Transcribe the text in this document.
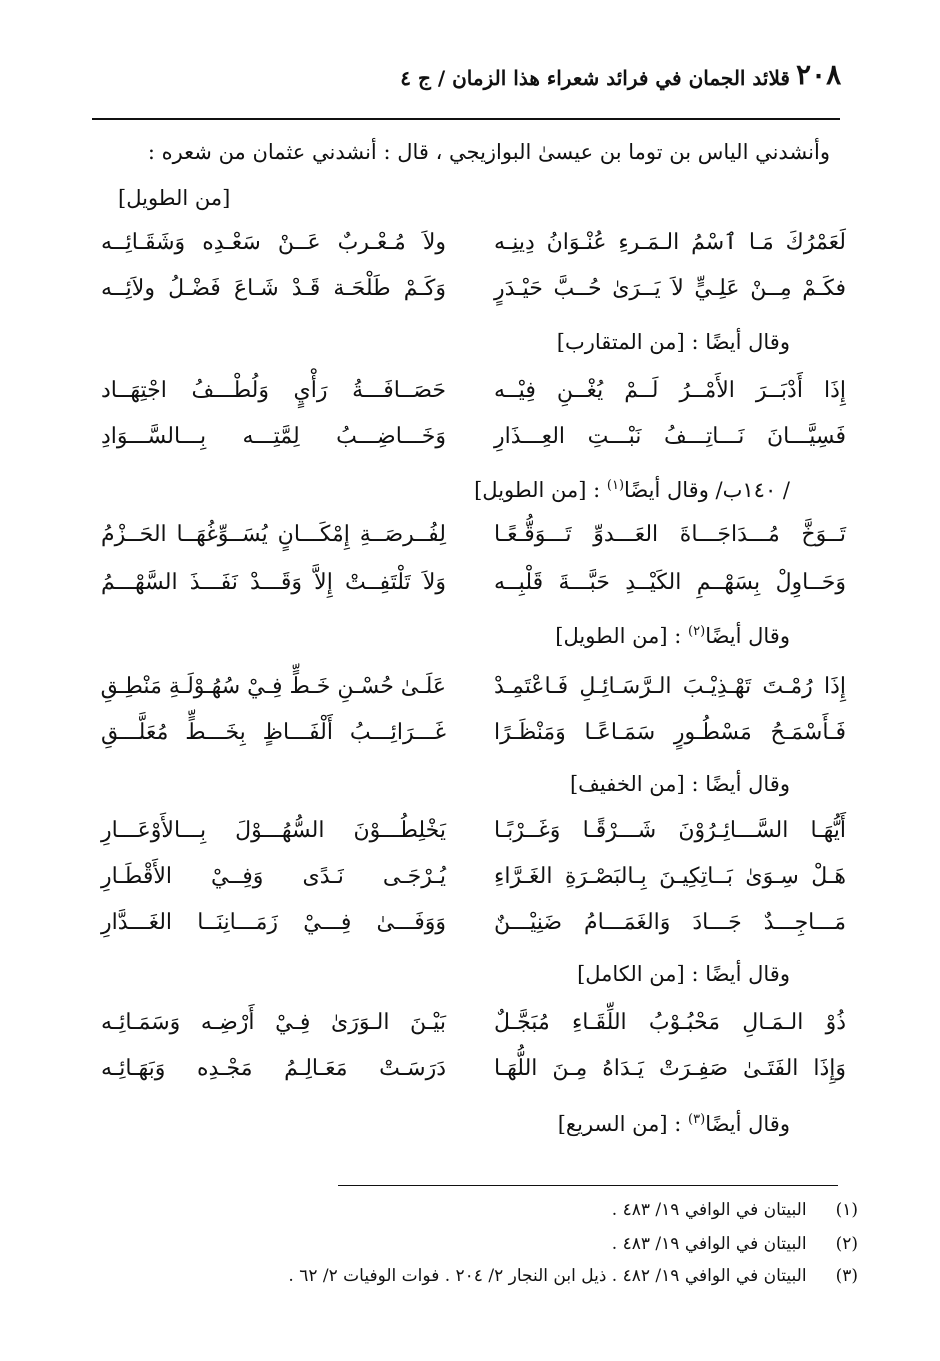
٢٠٨
قلائد الجمان في فرائد شعراء هذا الزمان / ج ٤
وأنشدني الياس بن توما بن عيسىٰ البوازيجي ، قال : أنشدني عثمان من شعره :
[من الطويل]
لَعَمْرُكَ مَـا ٱسْمُ الـمَـرءِ عُنْـوَانُ دِينِـه
ولاَ مُـعْـربٌ عَــنْ سَعْـدِه وَشَقَـائِــه
فكَـمْ مِــنْ عَلِـيٍّ لاَ يَــرَىٰ حُــبَّ حَيْـدَرٍ
وَكَـمْ طَلْحَـة قَـدْ شَـاعَ فَضْـلُ ولاَئِــه
وقال أيضًا : [من المتقارب]
إِذَا أَدْبَــرَ الأَمْــرُ لَــمْ يُغْــنِ فِيْــه
حَصَــافَـــةُ رَأْيٍ وَلُطْـــفُ اجْتِهَــاد
فَسِيَّـــانَ نَـــاتِـــفُ نَبْـــتِ العِـــذَارِ
وَخَـــاضِـــبُ لِمَّتِـــه بِـــالسَّـــوَادِ
/ ١٤٠ب/ وقال أيضًا$^{(١)}$ : [من الطويل]
تَــوَخَّ مُـــدَاجَـــاةَ العَـــدوِّ تَـــوَقُّـعًـا
لِفُــرصَــةِ إِمْكَـــانٍ يُسَــوِّغُهَــا الحَــزْمُ
وَحَــاوِلْ بِسَهْــمِ الكَيْــدِ حَبَّـــةَ قَلْبِــه
وَلاَ تَلْتَفِــتْ إِلاَّ وَقَـــدْ نَفَـــذَ السَّهْـــمُ
وقال أيضًا$^{(٢)}$ : [من الطويل]
إِذَا رُمْـتَ تَهْـذِيْـبَ الـرَّسَـائِـلِ فَـاعْتَمِـدْ
عَلَـىٰ حُسْـنِ خَـطٍّ فِـيْ سُهُـوْلَـةِ مَنْطِـقِ
فَـأَسْمَـحُ مَسْطُـورٍ سَمَـاعًـا وَمَنْظَـرًا
غَـــرَائِـــبُ أَلْفَـــاظٍ بِخَـــطٍّ مُعَلَّـــقِ
وقال أيضًا : [من الخفيف]
أَيُّهَـا السَّـــائِـرُوْنَ شَـــرْقًـا وَغَــرْبًـا
يَخْلِطُـــوْنَ السُّهُـــوْلَ بِـــالأَوْعَـــارِ
هَـلْ سِـوَىٰ بَــاتِكِيـنَ بِـالبَصْـرَةِ الغَـرَّاءِ
يُـرْجَـى نَـدًى وَفِــيْ الأَقْطَـارِ
مَـــاجِـــدٌ جَـــادَ وَالغَمَـــامُ ضَنِيْـــنٌ
وَوَفَـــىٰ فِـــيْ زَمَـــانِنَــا الغَـــدَّارِ
وقال أيضًا : [من الكامل]
ذُوْ الـمَـالِ مَحْبُـوْبُ اللِّقَـاءِ مُبَجَّـلٌ
بَيْـنَ الـوَرَىٰ فِـيْ أَرْضِـه وَسَمَـائِـه
وَإِذَا الفَتَـىٰ صَفِـرَتْ يَـدَاهُ مِـنَ اللُّهَـا
دَرَسَـتْ مَعَـالِـمُ مَجْـدِه وَبَهَـائِـه
وقال أيضًا$^{(٣)}$ : [من السريع]
(١) البيتان في الوافي ١٩/ ٤٨٣ .
(٢) البيتان في الوافي ١٩/ ٤٨٣ .
(٣) البيتان في الوافي ١٩/ ٤٨٢ . ذيل ابن النجار ٢/ ٢٠٤ . فوات الوفيات ٢/ ٦٢ .
